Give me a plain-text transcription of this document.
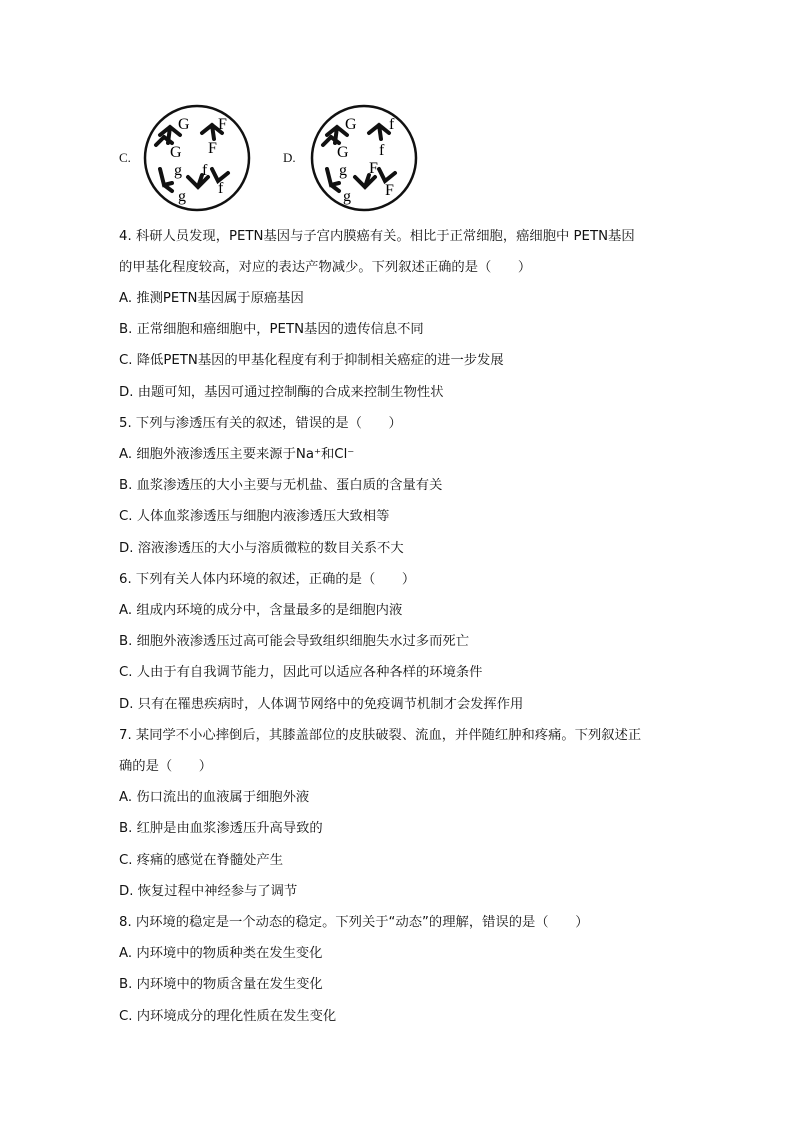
C.
G F
G F
g f
g f
D.
G f
G f
g F
g F
4. 科研人员发现，PETN基因与子宫内膜癌有关。相比于正常细胞，癌细胞中 PETN基因
的甲基化程度较高，对应的表达产物减少。下列叙述正确的是（　　）
A. 推测PETN基因属于原癌基因
B. 正常细胞和癌细胞中，PETN基因的遗传信息不同
C. 降低PETN基因的甲基化程度有利于抑制相关癌症的进一步发展
D. 由题可知，基因可通过控制酶的合成来控制生物性状
5. 下列与渗透压有关的叙述，错误的是（　　）
A. 细胞外液渗透压主要来源于Na⁺和Cl⁻
B. 血浆渗透压的大小主要与无机盐、蛋白质的含量有关
C. 人体血浆渗透压与细胞内液渗透压大致相等
D. 溶液渗透压的大小与溶质微粒的数目关系不大
6. 下列有关人体内环境的叙述，正确的是（　　）
A. 组成内环境的成分中，含量最多的是细胞内液
B. 细胞外液渗透压过高可能会导致组织细胞失水过多而死亡
C. 人由于有自我调节能力，因此可以适应各种各样的环境条件
D. 只有在罹患疾病时，人体调节网络中的免疫调节机制才会发挥作用
7. 某同学不小心摔倒后，其膝盖部位的皮肤破裂、流血，并伴随红肿和疼痛。下列叙述正
确的是（　　）
A. 伤口流出的血液属于细胞外液
B. 红肿是由血浆渗透压升高导致的
C. 疼痛的感觉在脊髓处产生
D. 恢复过程中神经参与了调节
8. 内环境的稳定是一个动态的稳定。下列关于“动态”的理解，错误的是（　　）
A. 内环境中的物质种类在发生变化
B. 内环境中的物质含量在发生变化
C. 内环境成分的理化性质在发生变化
